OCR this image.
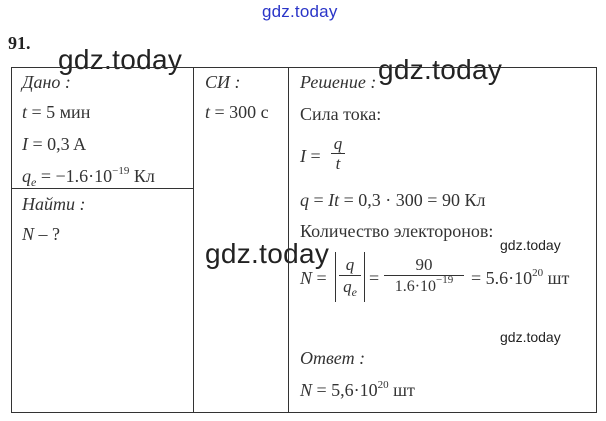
gdz.today
gdz.today	gdz.today
gdz.today	gdz.today
gdz.today
91.
Дано :
t = 5 мин
I = 0,3 A
$q_e = -1.6\cdot 10^{-19}$ Кл
Найти :
N – ?
СИ :
t = 300 с
Решение :
Сила тока:
I =
q
t
q = It = 0,3 · 300 = 90 Кл
Количество электоронов:
N =
q
$q_e$
=
90
$1.6\cdot 10^{-19} = 5.6\cdot 10^{20}$ шт
Ответ :
$N = 5,6\cdot 10^{20}$ шт
